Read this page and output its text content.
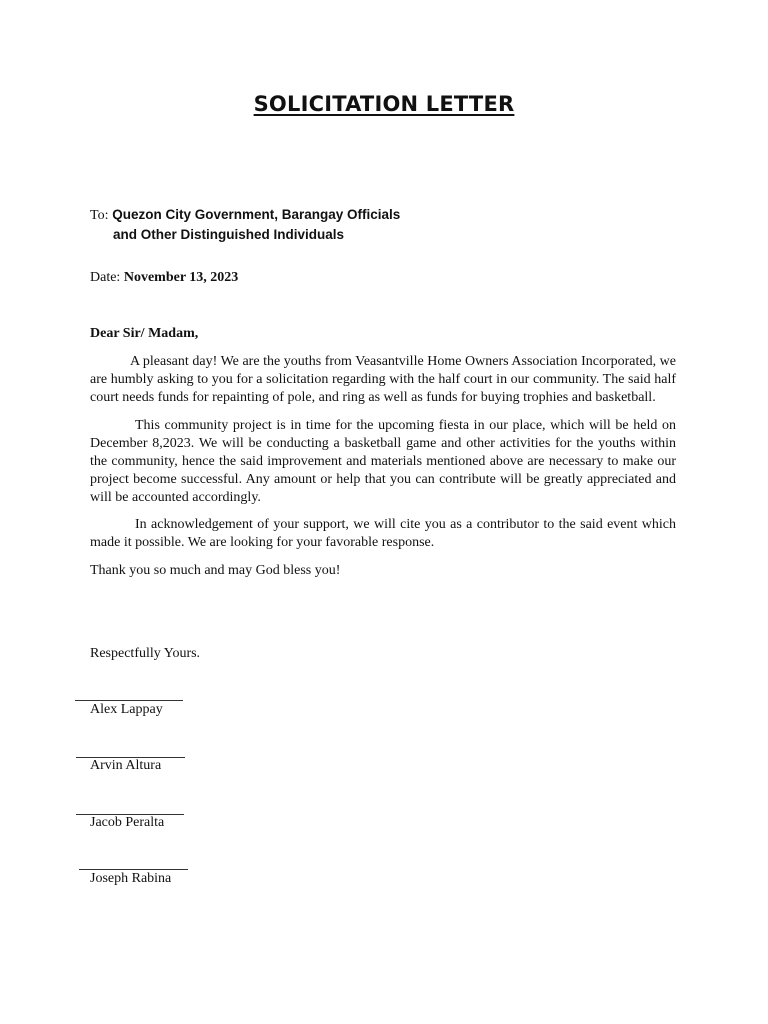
SOLICITATION LETTER
To: Quezon City Government, Barangay Officials
and Other Distinguished Individuals
Date: November 13, 2023
Dear Sir/ Madam,

A pleasant day! We are the youths from Veasantville Home Owners Association Incorporated, we are humbly asking to you for a solicitation regarding with the half court in our community. The said half court needs funds for repainting of pole, and ring as well as funds for buying trophies and basketball.

This community project is in time for the upcoming fiesta in our place, which will be held on December 8,2023. We will be conducting a basketball game and other activities for the youths within the community, hence the said improvement and materials mentioned above are necessary to make our project become successful. Any amount or help that you can contribute will be greatly appreciated and will be accounted accordingly.

In acknowledgement of your support, we will cite you as a contributor to the said event which made it possible. We are looking for your favorable response.

Thank you so much and may God bless you!

Respectfully Yours.
Alex Lappay
Arvin Altura
Jacob Peralta
Joseph Rabina
